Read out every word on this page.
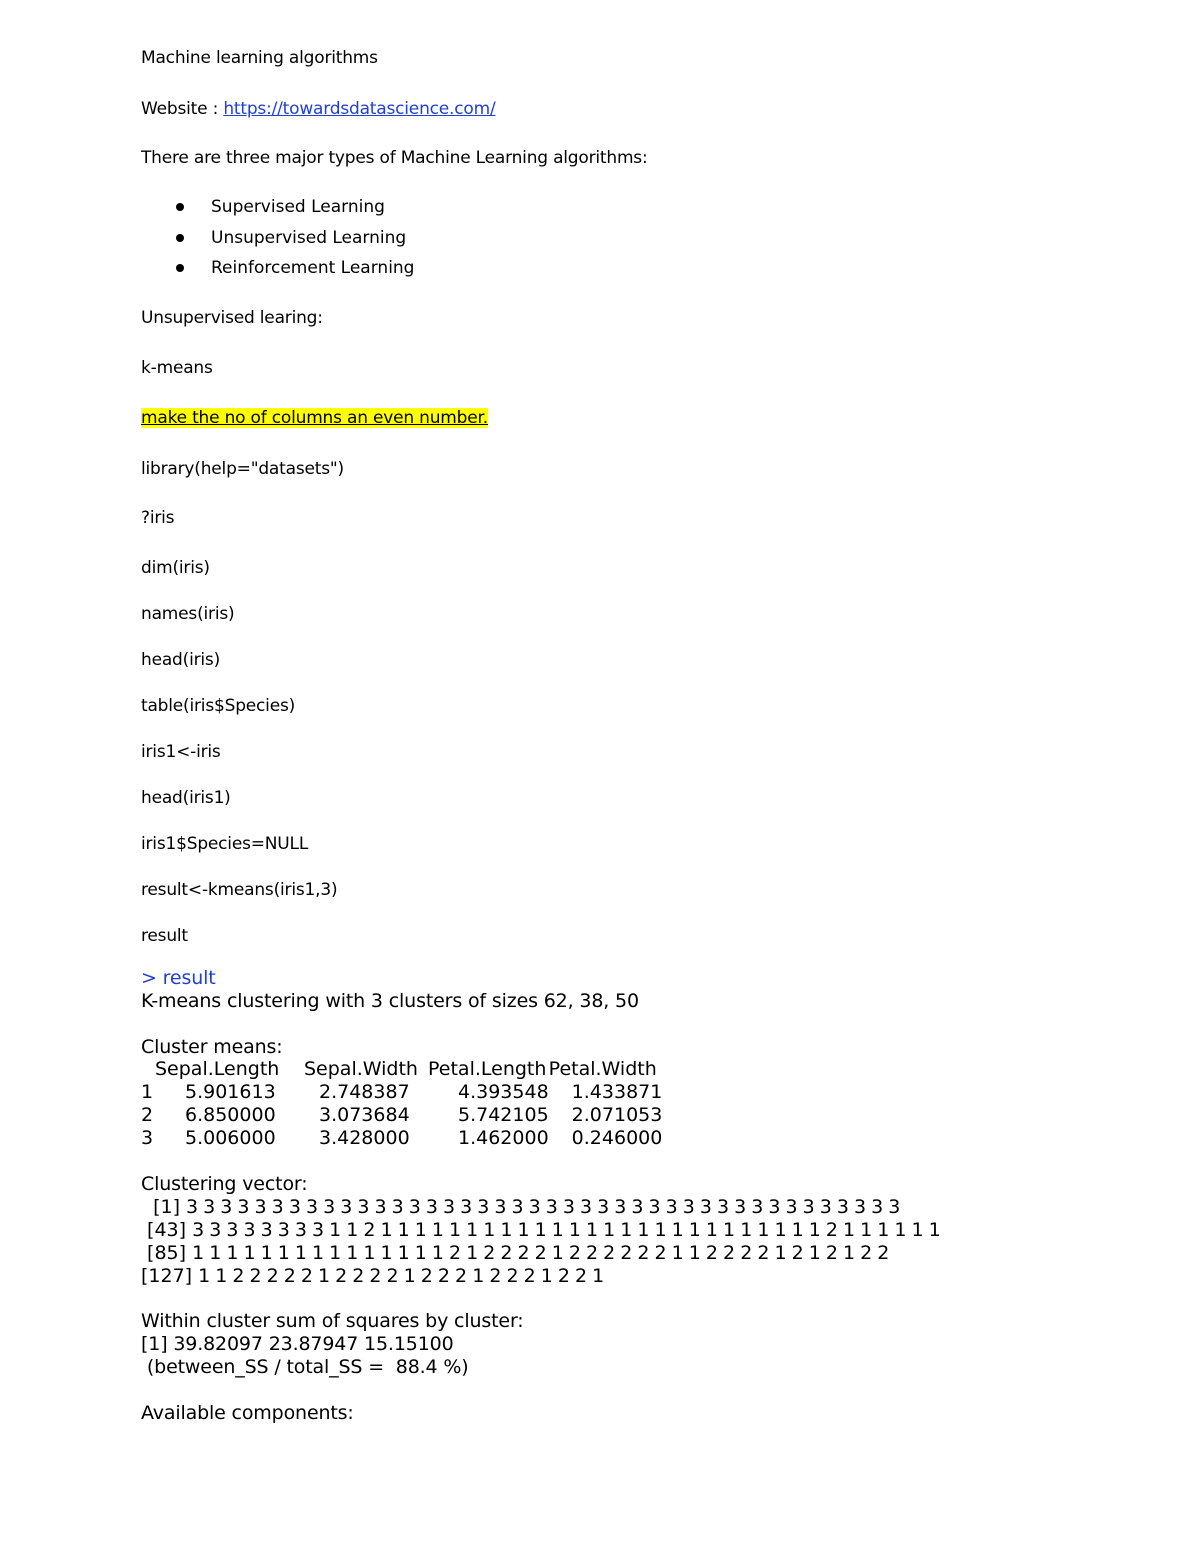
Machine learning algorithms
Website : https://towardsdatascience.com/
There are three major types of Machine Learning algorithms:
Supervised Learning
Unsupervised Learning
Reinforcement Learning
Unsupervised learing:
k-means
make the no of columns an even number.
library(help="datasets")
?iris
dim(iris)
names(iris)
head(iris)
table(iris$Species)
iris1<-iris
head(iris1)
iris1$Species=NULL
result<-kmeans(iris1,3)
result
> result
K-means clustering with 3 clusters of sizes 62, 38, 50
Cluster means:
	Sepal.Length	Sepal.Width	Petal.Length	Petal.Width
1	5.901613	2.748387	4.393548	1.433871
2	6.850000	3.073684	5.742105	2.071053
3	5.006000	3.428000	1.462000	0.246000
Clustering vector:
[1] 3 3 3 3 3 3 3 3 3 3 3 3 3 3 3 3 3 3 3 3 3 3 3 3 3 3 3 3 3 3 3 3 3 3 3 3 3 3 3 3 3 3
[43] 3 3 3 3 3 3 3 3 1 1 2 1 1 1 1 1 1 1 1 1 1 1 1 1 1 1 1 1 1 1 1 1 1 1 1 1 1 2 1 1 1 1 1 1
[85] 1 1 1 1 1 1 1 1 1 1 1 1 1 1 1 2 1 2 2 2 2 1 2 2 2 2 2 2 1 1 2 2 2 2 1 2 1 2 1 2 2
[127] 1 1 2 2 2 2 2 1 2 2 2 2 1 2 2 2 1 2 2 2 1 2 2 1
Within cluster sum of squares by cluster:
[1] 39.82097 23.87947 15.15100
(between_SS / total_SS =  88.4 %)
Available components:
